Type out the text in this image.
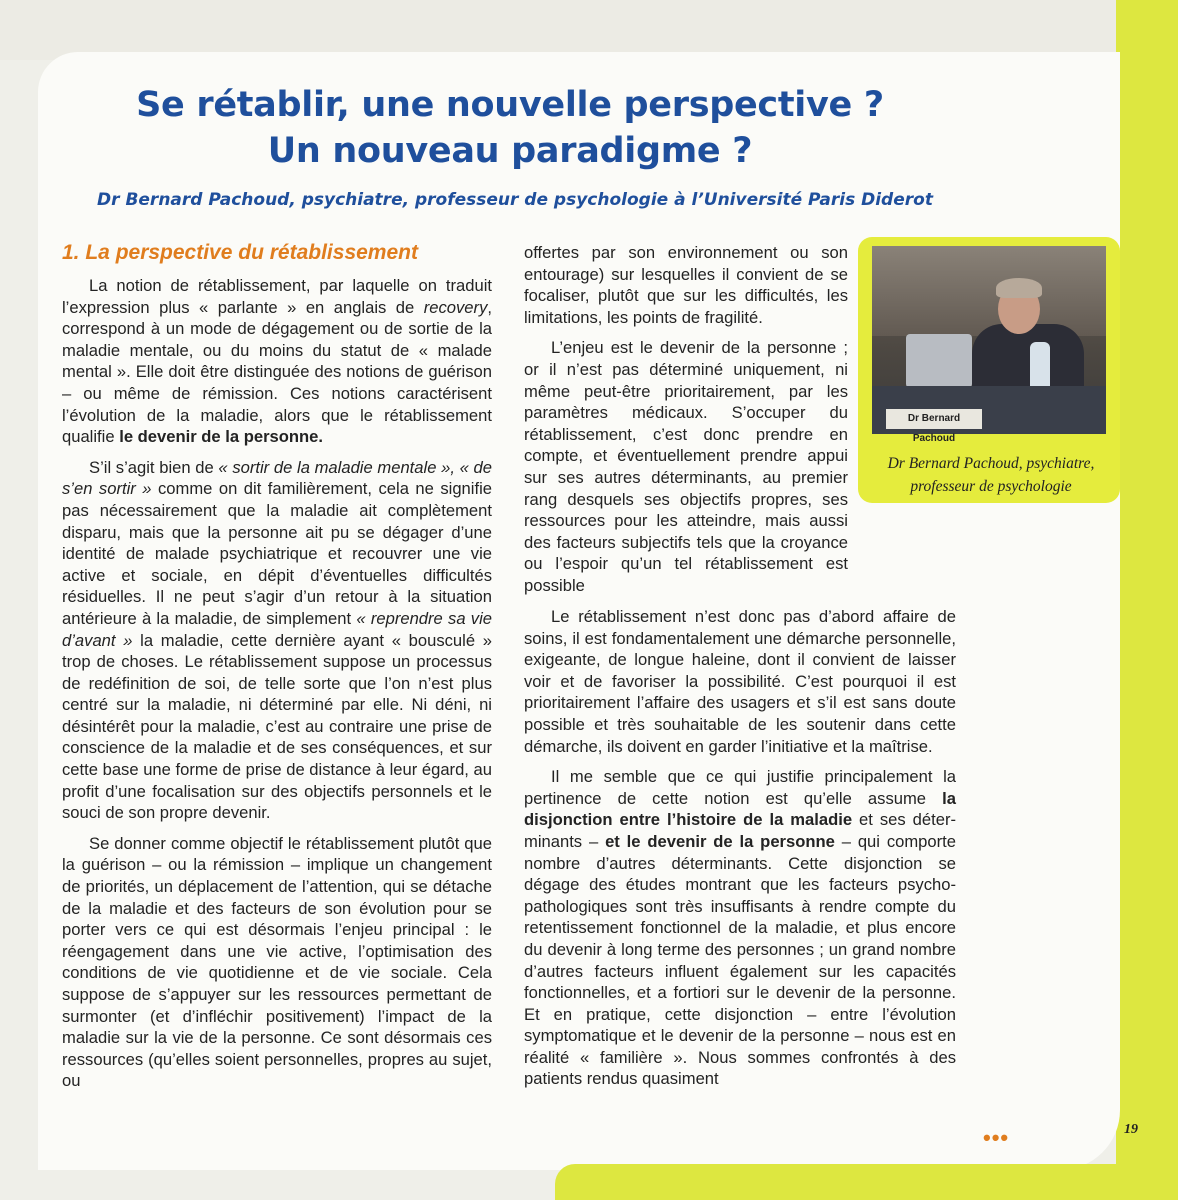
Se rétablir, une nouvelle perspective ?
Un nouveau paradigme ?

Dr Bernard Pachoud, psychiatre, professeur de psychologie à l’Université Paris Diderot

Dr Bernard Pachoud

Dr Bernard Pachoud, psychiatre,
professeur de psychologie

1. La perspective du rétablissement

La notion de rétablissement, par laquelle on traduit l’expression plus « parlante » en anglais de recovery, correspond à un mode de dégagement ou de sortie de la maladie mentale, ou du moins du statut de « malade mental ». Elle doit être distinguée des notions de guérison – ou même de rémission. Ces notions caractérisent l’évolution de la maladie, alors que le rétablissement qualifie le devenir de la personne.

S’il s’agit bien de « sortir de la maladie mentale », « de s’en sortir » comme on dit familièrement, cela ne signifie pas nécessairement que la maladie ait complètement disparu, mais que la personne ait pu se dégager d’une identité de malade psychiatrique et recouvrer une vie active et sociale, en dépit d’éventuelles difficultés résiduelles. Il ne peut s’agir d’un retour à la situation antérieure à la maladie, de simplement « reprendre sa vie d’avant » la maladie, cette dernière ayant « bousculé » trop de choses. Le rétablissement suppose un processus de redéfinition de soi, de telle sorte que l’on n’est plus centré sur la maladie, ni déterminé par elle. Ni déni, ni désintérêt pour la maladie, c’est au contraire une prise de conscience de la maladie et de ses conséquences, et sur cette base une forme de prise de distance à leur égard, au profit d’une focalisation sur des objectifs personnels et le souci de son propre devenir.

Se donner comme objectif le rétablissement plutôt que la guérison – ou la rémission – implique un changement de priorités, un déplacement de l’attention, qui se détache de la maladie et des facteurs de son évolution pour se porter vers ce qui est désormais l’enjeu principal : le réengagement dans une vie active, l’optimisation des conditions de vie quotidienne et de vie sociale. Cela suppose de s’appuyer sur les ressources permettant de surmonter (et d’infléchir positivement) l’impact de la maladie sur la vie de la personne. Ce sont désormais ces ressources (qu’elles soient personnelles, propres au sujet, ou

offertes par son environnement ou son entourage) sur lesquelles il convient de se focaliser, plutôt que sur les difficultés, les limitations, les points de fragilité.

L’enjeu est le devenir de la personne ; or il n’est pas déterminé uniquement, ni même peut-être prioritairement, par les paramètres médicaux. S’occuper du rétablissement, c’est donc prendre en compte, et éventuellement prendre appui sur ses autres déterminants, au premier rang desquels ses objectifs propres, ses ressources pour les atteindre, mais aussi des facteurs subjectifs tels que la croyance ou l’espoir qu’un tel rétablissement est possible

Le rétablissement n’est donc pas d’abord affaire de soins, il est fondamentalement une démarche personnelle, exigeante, de longue haleine, dont il convient de laisser voir et de favoriser la possibilité. C’est pourquoi il est prioritairement l’affaire des usagers et s’il est sans doute possible et très souhaitable de les soutenir dans cette démarche, ils doivent en garder l’initiative et la maîtrise.

Il me semble que ce qui justifie principalement la pertinence de cette notion est qu’elle assume la disjonction entre l’histoire de la maladie et ses déterminants – et le devenir de la personne – qui comporte nombre d’autres déterminants. Cette disjonction se dégage des études montrant que les facteurs psychopathologiques sont très insuffisants à rendre compte du retentissement fonctionnel de la maladie, et plus encore du devenir à long terme des personnes ; un grand nombre d’autres facteurs influent également sur les capacités fonctionnelles, et a fortiori sur le devenir de la personne. Et en pratique, cette disjonction – entre l’évolution symptomatique et le devenir de la personne – nous est en réalité « familière ». Nous sommes confrontés à des patients rendus quasiment

•••	19
